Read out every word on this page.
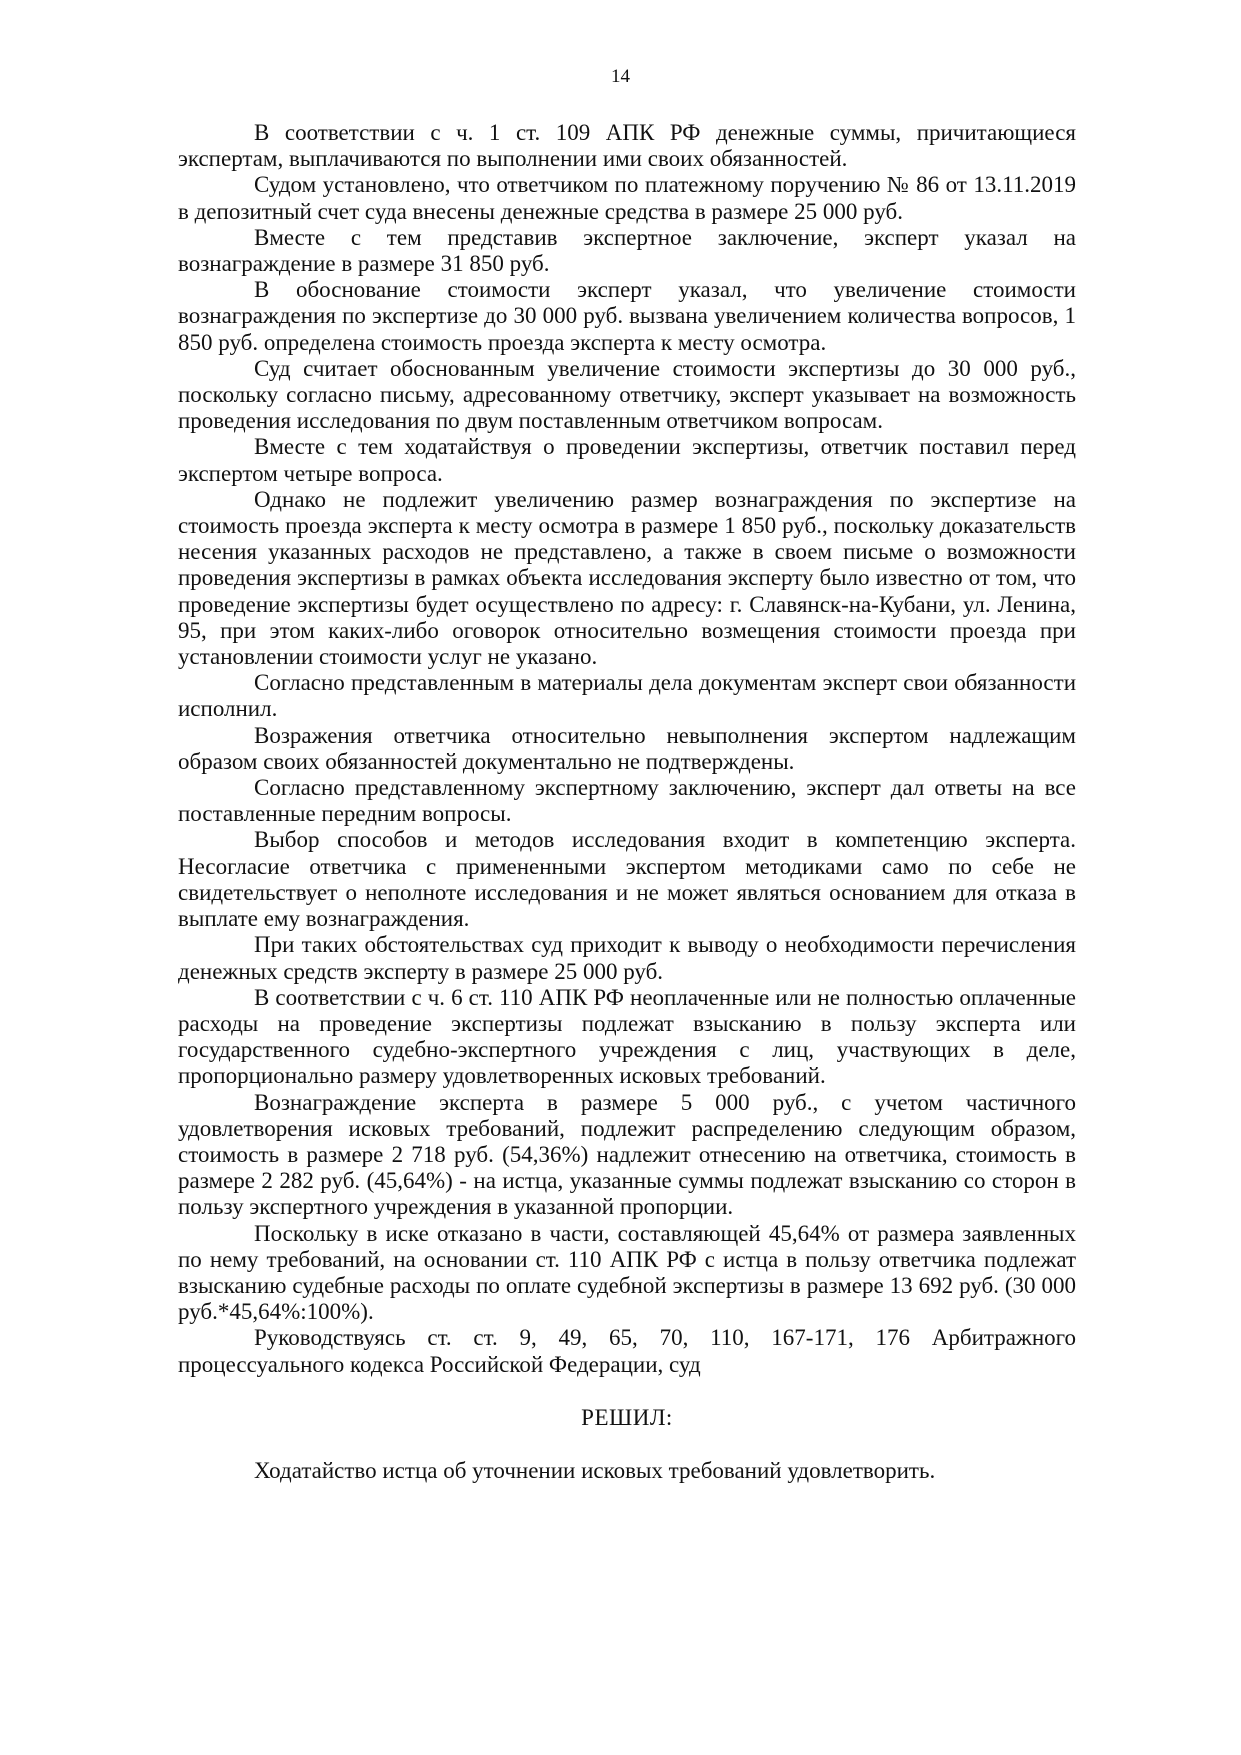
14

В соответствии с ч. 1 ст. 109 АПК РФ денежные суммы, причитающиеся экспертам, выплачиваются по выполнении ими своих обязанностей.

Судом установлено, что ответчиком по платежному поручению № 86 от 13.11.2019 в депозитный счет суда внесены денежные средства в размере 25 000 руб.

Вместе с тем представив экспертное заключение, эксперт указал на вознаграждение в размере 31 850 руб.

В обоснование стоимости эксперт указал, что увеличение стоимости вознаграждения по экспертизе до 30 000 руб. вызвана увеличением количества вопросов, 1 850 руб. определена стоимость проезда эксперта к месту осмотра.

Суд считает обоснованным увеличение стоимости экспертизы до 30 000 руб., поскольку согласно письму, адресованному ответчику, эксперт указывает на возможность проведения исследования по двум поставленным ответчиком вопросам.

Вместе с тем ходатайствуя о проведении экспертизы, ответчик поставил перед экспертом четыре вопроса.

Однако не подлежит увеличению размер вознаграждения по экспертизе на стоимость проезда эксперта к месту осмотра в размере 1 850 руб., поскольку доказательств несения указанных расходов не представлено, а также в своем письме о возможности проведения экспертизы в рамках объекта исследования эксперту было известно от том, что проведение экспертизы будет осуществлено по адресу: г. Славянск-на-Кубани, ул. Ленина, 95, при этом каких-либо оговорок относительно возмещения стоимости проезда при установлении стоимости услуг не указано.

Согласно представленным в материалы дела документам эксперт свои обязанности исполнил.

Возражения ответчика относительно невыполнения экспертом надлежащим образом своих обязанностей документально не подтверждены.

Согласно представленному экспертному заключению, эксперт дал ответы на все поставленные передним вопросы.

Выбор способов и методов исследования входит в компетенцию эксперта. Несогласие ответчика с примененными экспертом методиками само по себе не свидетельствует о неполноте исследования и не может являться основанием для отказа в выплате ему вознаграждения.

При таких обстоятельствах суд приходит к выводу о необходимости перечисления денежных средств эксперту в размере 25 000 руб.

В соответствии с ч. 6 ст. 110 АПК РФ неоплаченные или не полностью оплаченные расходы на проведение экспертизы подлежат взысканию в пользу эксперта или государственного судебно-экспертного учреждения с лиц, участвующих в деле, пропорционально размеру удовлетворенных исковых требований.

Вознаграждение эксперта в размере 5 000 руб., с учетом частичного удовлетворения исковых требований, подлежит распределению следующим образом, стоимость в размере 2 718 руб. (54,36%) надлежит отнесению на ответчика, стоимость в размере 2 282 руб. (45,64%) - на истца, указанные суммы подлежат взысканию со сторон в пользу экспертного учреждения в указанной пропорции.

Поскольку в иске отказано в части, составляющей 45,64% от размера заявленных по нему требований, на основании ст. 110 АПК РФ с истца в пользу ответчика подлежат взысканию судебные расходы по оплате судебной экспертизы в размере 13 692 руб. (30 000 руб.*45,64%:100%).

Руководствуясь ст. ст. 9, 49, 65, 70, 110, 167-171, 176 Арбитражного процессуального кодекса Российской Федерации, суд

РЕШИЛ:

Ходатайство истца об уточнении исковых требований удовлетворить.
